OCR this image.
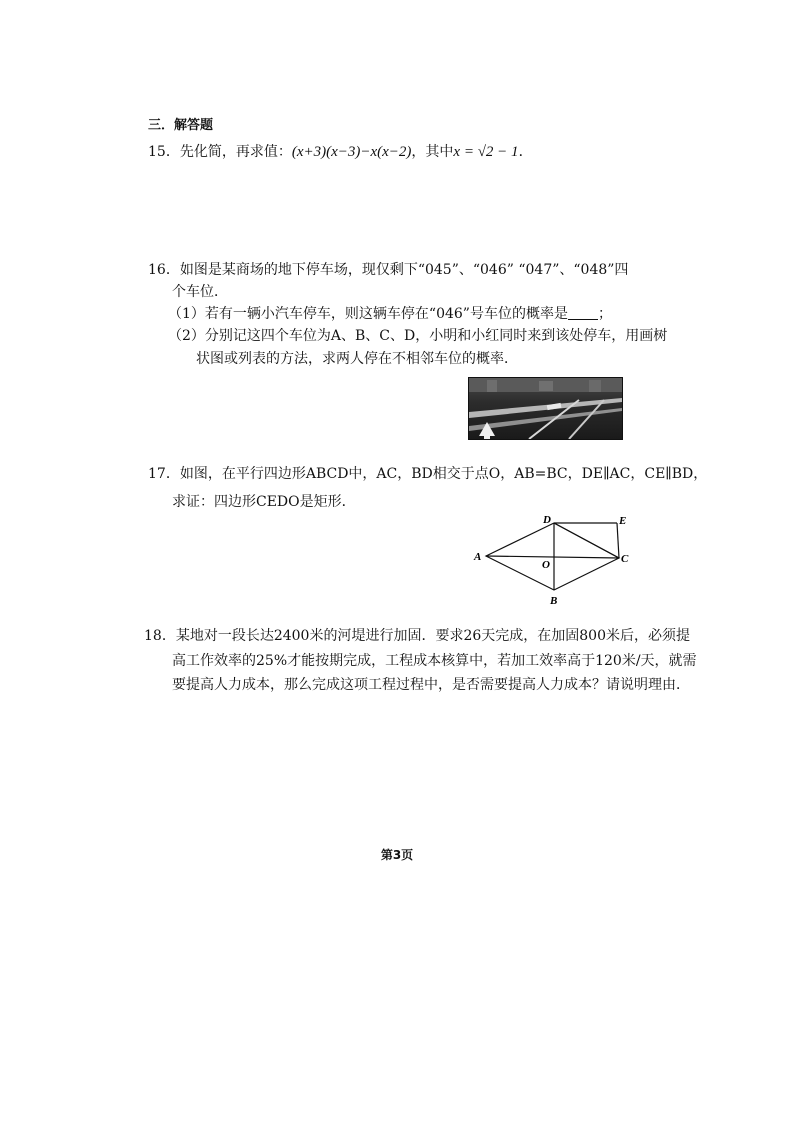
三．解答题
15．先化简，再求值：(x+3)(x−3)−x(x−2)，其中x = √2 − 1．
16．如图是某商场的地下停车场，现仅剩下“045”、“046” “047”、“048”四
个车位．
（1）若有一辆小汽车停车，则这辆车停在“046”号车位的概率是 ；
（2）分别记这四个车位为A、B、C、D，小明和小红同时来到该处停车，用画树
状图或列表的方法，求两人停在不相邻车位的概率．
17．如图，在平行四边形ABCD中，AC，BD相交于点O，AB=BC，DE∥AC，CE∥BD，
求证：四边形CEDO是矩形．
A
B
C
D	E
O
18．某地对一段长达2400米的河堤进行加固．要求26天完成，在加固800米后，必须提
高工作效率的25%才能按期完成，工程成本核算中，若加工效率高于120米/天，就需
要提高人力成本，那么完成这项工程过程中，是否需要提高人力成本？请说明理由．
第3页
